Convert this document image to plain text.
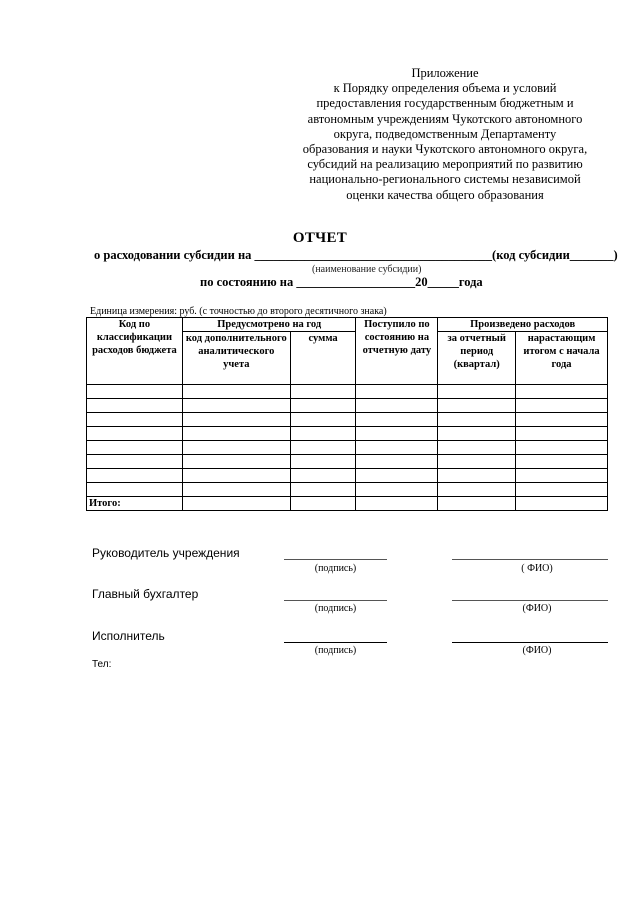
Приложение
к Порядку определения объема и условий
предоставления государственным бюджетным и
автономным учреждениям Чукотского автономного
округа, подведомственным Департаменту
образования и науки Чукотского автономного округа,
субсидий на реализацию мероприятий по развитию
национально-регионального системы независимой
оценки качества общего образования
ОТЧЕТ
о расходовании субсидии на ______________________________________(код субсидии_______)
(наименование субсидии)
по состоянию на ___________________20_____года
Единица измерения: руб. (с точностью до второго десятичного знака)
Код по классификации расходов бюджета	Предусмотрено на год		Поступило по состоянию на отчетную дату	Произведено расходов	
	код дополнительного аналитического учета	сумма		за отчетный период (квартал)	нарастающим итогом с начала года

Итого:					
Руководитель учреждения
(подпись)	( ФИО)
Главный бухгалтер
(подпись)	(ФИО)
Исполнитель
(подпись)	(ФИО)
Тел:
